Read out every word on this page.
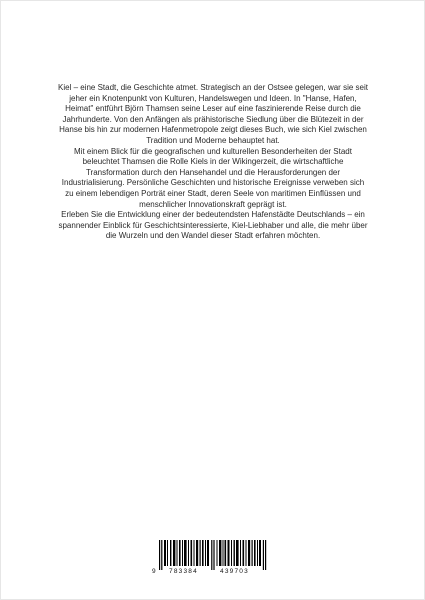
Kiel – eine Stadt, die Geschichte atmet. Strategisch an der Ostsee gelegen, war sie seit jeher ein Knotenpunkt von Kulturen, Handelswegen und Ideen. In "Hanse, Hafen, Heimat" entführt Björn Thamsen seine Leser auf eine faszinierende Reise durch die Jahrhunderte. Von den Anfängen als prähistorische Siedlung über die Blütezeit in der Hanse bis hin zur modernen Hafenmetropole zeigt dieses Buch, wie sich Kiel zwischen Tradition und Moderne behauptet hat.

Mit einem Blick für die geografischen und kulturellen Besonderheiten der Stadt beleuchtet Thamsen die Rolle Kiels in der Wikingerzeit, die wirtschaftliche Transformation durch den Hansehandel und die Herausforderungen der Industrialisierung. Persönliche Geschichten und historische Ereignisse verweben sich zu einem lebendigen Porträt einer Stadt, deren Seele von maritimen Einflüssen und menschlicher Innovationskraft geprägt ist.

Erleben Sie die Entwicklung einer der bedeutendsten Hafenstädte Deutschlands – ein spannender Einblick für Geschichtsinteressierte, Kiel-Liebhaber und alle, die mehr über die Wurzeln und den Wandel dieser Stadt erfahren möchten.

9 783384	439703
